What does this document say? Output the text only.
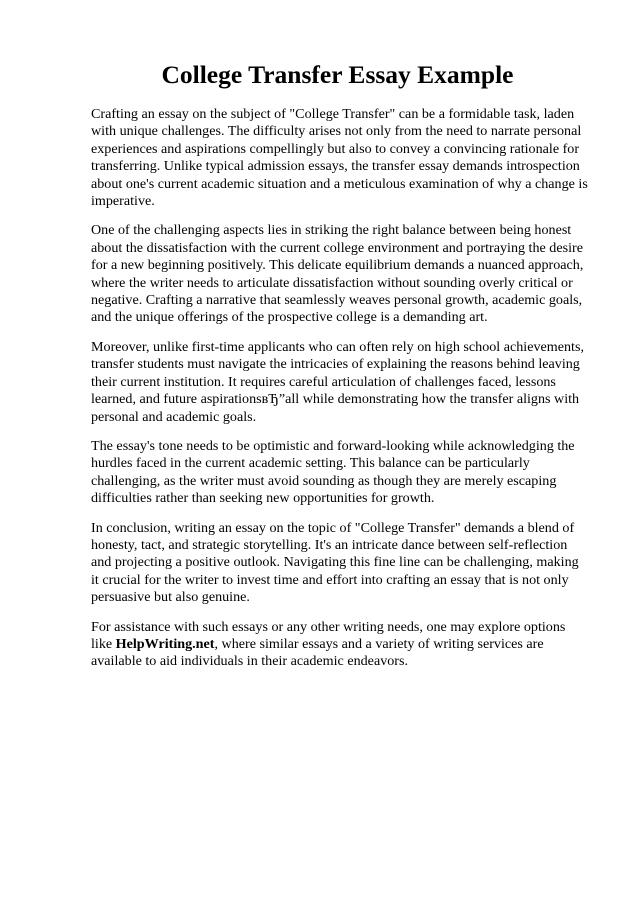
College Transfer Essay Example

Crafting an essay on the subject of "College Transfer" can be a formidable task, laden with unique challenges. The difficulty arises not only from the need to narrate personal experiences and aspirations compellingly but also to convey a convincing rationale for transferring. Unlike typical admission essays, the transfer essay demands introspection about one's current academic situation and a meticulous examination of why a change is imperative.

One of the challenging aspects lies in striking the right balance between being honest about the dissatisfaction with the current college environment and portraying the desire for a new beginning positively. This delicate equilibrium demands a nuanced approach, where the writer needs to articulate dissatisfaction without sounding overly critical or negative. Crafting a narrative that seamlessly weaves personal growth, academic goals, and the unique offerings of the prospective college is a demanding art.

Moreover, unlike first-time applicants who can often rely on high school achievements, transfer students must navigate the intricacies of explaining the reasons behind leaving their current institution. It requires careful articulation of challenges faced, lessons learned, and future aspirationsвЂ”all while demonstrating how the transfer aligns with personal and academic goals.

The essay's tone needs to be optimistic and forward-looking while acknowledging the hurdles faced in the current academic setting. This balance can be particularly challenging, as the writer must avoid sounding as though they are merely escaping difficulties rather than seeking new opportunities for growth.

In conclusion, writing an essay on the topic of "College Transfer" demands a blend of honesty, tact, and strategic storytelling. It's an intricate dance between self-reflection and projecting a positive outlook. Navigating this fine line can be challenging, making it crucial for the writer to invest time and effort into crafting an essay that is not only persuasive but also genuine.

For assistance with such essays or any other writing needs, one may explore options like HelpWriting.net, where similar essays and a variety of writing services are available to aid individuals in their academic endeavors.
